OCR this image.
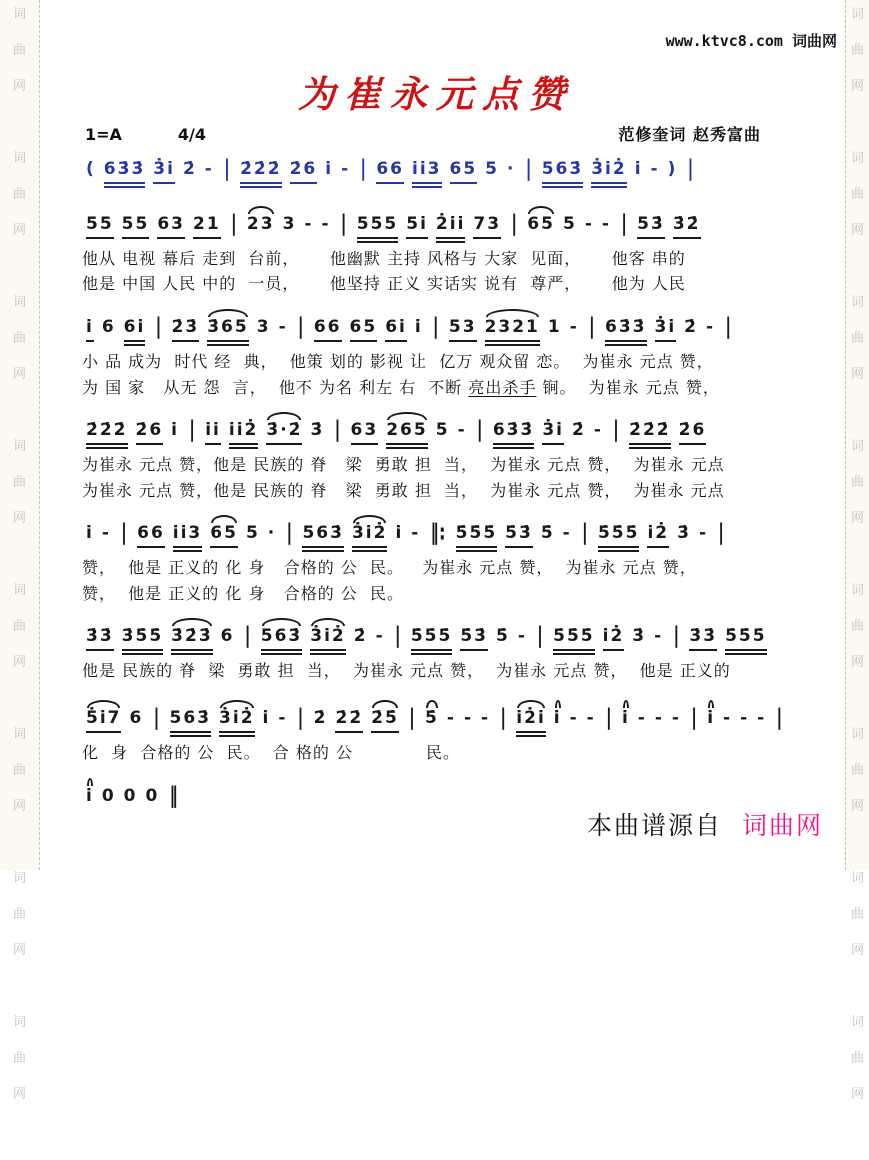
词
曲
网
词
曲
网
词
曲
网
词
曲
网
词
曲
网
词
曲
网
词
曲
网
词
曲
网
词
曲
网
词
曲
网
词
曲
网
词
曲
网
词
曲
网
词
曲
网
词
曲
网
词
曲
网
www.ktvc8.com 词曲网
为崔永元点赞
1=A	4/4	范修奎词 赵秀富曲
( 63̇3̇ 3̇i 2̇ - | 2̇2̇2̇ 2̇6 i - | 66 ii3 65 5 · | 563̇ 3̇i2̇ i - ) |
55 55 63 21 | 23 3 - - | 555 5i 2̇ii 73 | 65 5 - - | 53̇ 3̇2̇
他从 电视 幕后 走到  台前，     他幽默 主持 风格与 大家  见面，     他客 串的
他是 中国 人民 中的  一员，     他坚持 正义 实话实 说有  尊严，     他为 人民
i 6 6i | 2̇3̇ 3̇65 3 - | 66 65 6i i | 53 2321 1 - | 63̇3̇ 3̇i 2̇ - |
小 品 成为  时代 经  典，  他策 划的 影视 让  亿万 观众留 恋。  为崔永 元点 赞，
为 国 家   从无 怨  言，  他不 为名 利左 右  不断 亮出杀手 锏。  为崔永 元点 赞，
2̇2̇2̇ 2̇6 i | ii ii2̇ 3̇·2̇ 3̇ | 63 265 5 - | 63̇3̇ 3̇i 2̇ - | 2̇2̇2̇ 2̇6
为崔永 元点 赞，他是 民族的 脊   梁  勇敢 担  当，  为崔永 元点 赞，  为崔永 元点
为崔永 元点 赞，他是 民族的 脊   梁  勇敢 担  当，  为崔永 元点 赞，  为崔永 元点
i - | 66 ii3 65 5 · | 563̇ 3̇i2̇ i - ‖: 5̇5̇5̇ 5̇3̇ 5̇ - | 5̇5̇5̇ i2̇ 3̇ - |
赞，  他是 正义的 化 身   合格的 公  民。   为崔永 元点 赞，  为崔永 元点 赞，
赞，  他是 正义的 化 身   合格的 公  民。
3̇3̇ 3̇5̇5̇ 3̇2̇3̇ 6 | 563̇ 3̇i2̇ 2̇ - | 5̇5̇5̇ 5̇3̇ 5̇ - | 5̇5̇5̇ i2̇ 3̇ - | 3̇3̇ 5̇5̇5̇
他是 民族的 脊  梁  勇敢 担  当，  为崔永 元点 赞，  为崔永 元点 赞，  他是 正义的
5̇i7 6 | 563̇ 3̇i2̇ i - | 2̇ 2̇2̇ 2̇5̇ | 5̇ - - - | i2̇i i - - | i - - - | i - - - |
化  身  合格的 公  民。  合 格的 公            民。
i 0 0 0 ‖
本曲谱源自 词曲网
